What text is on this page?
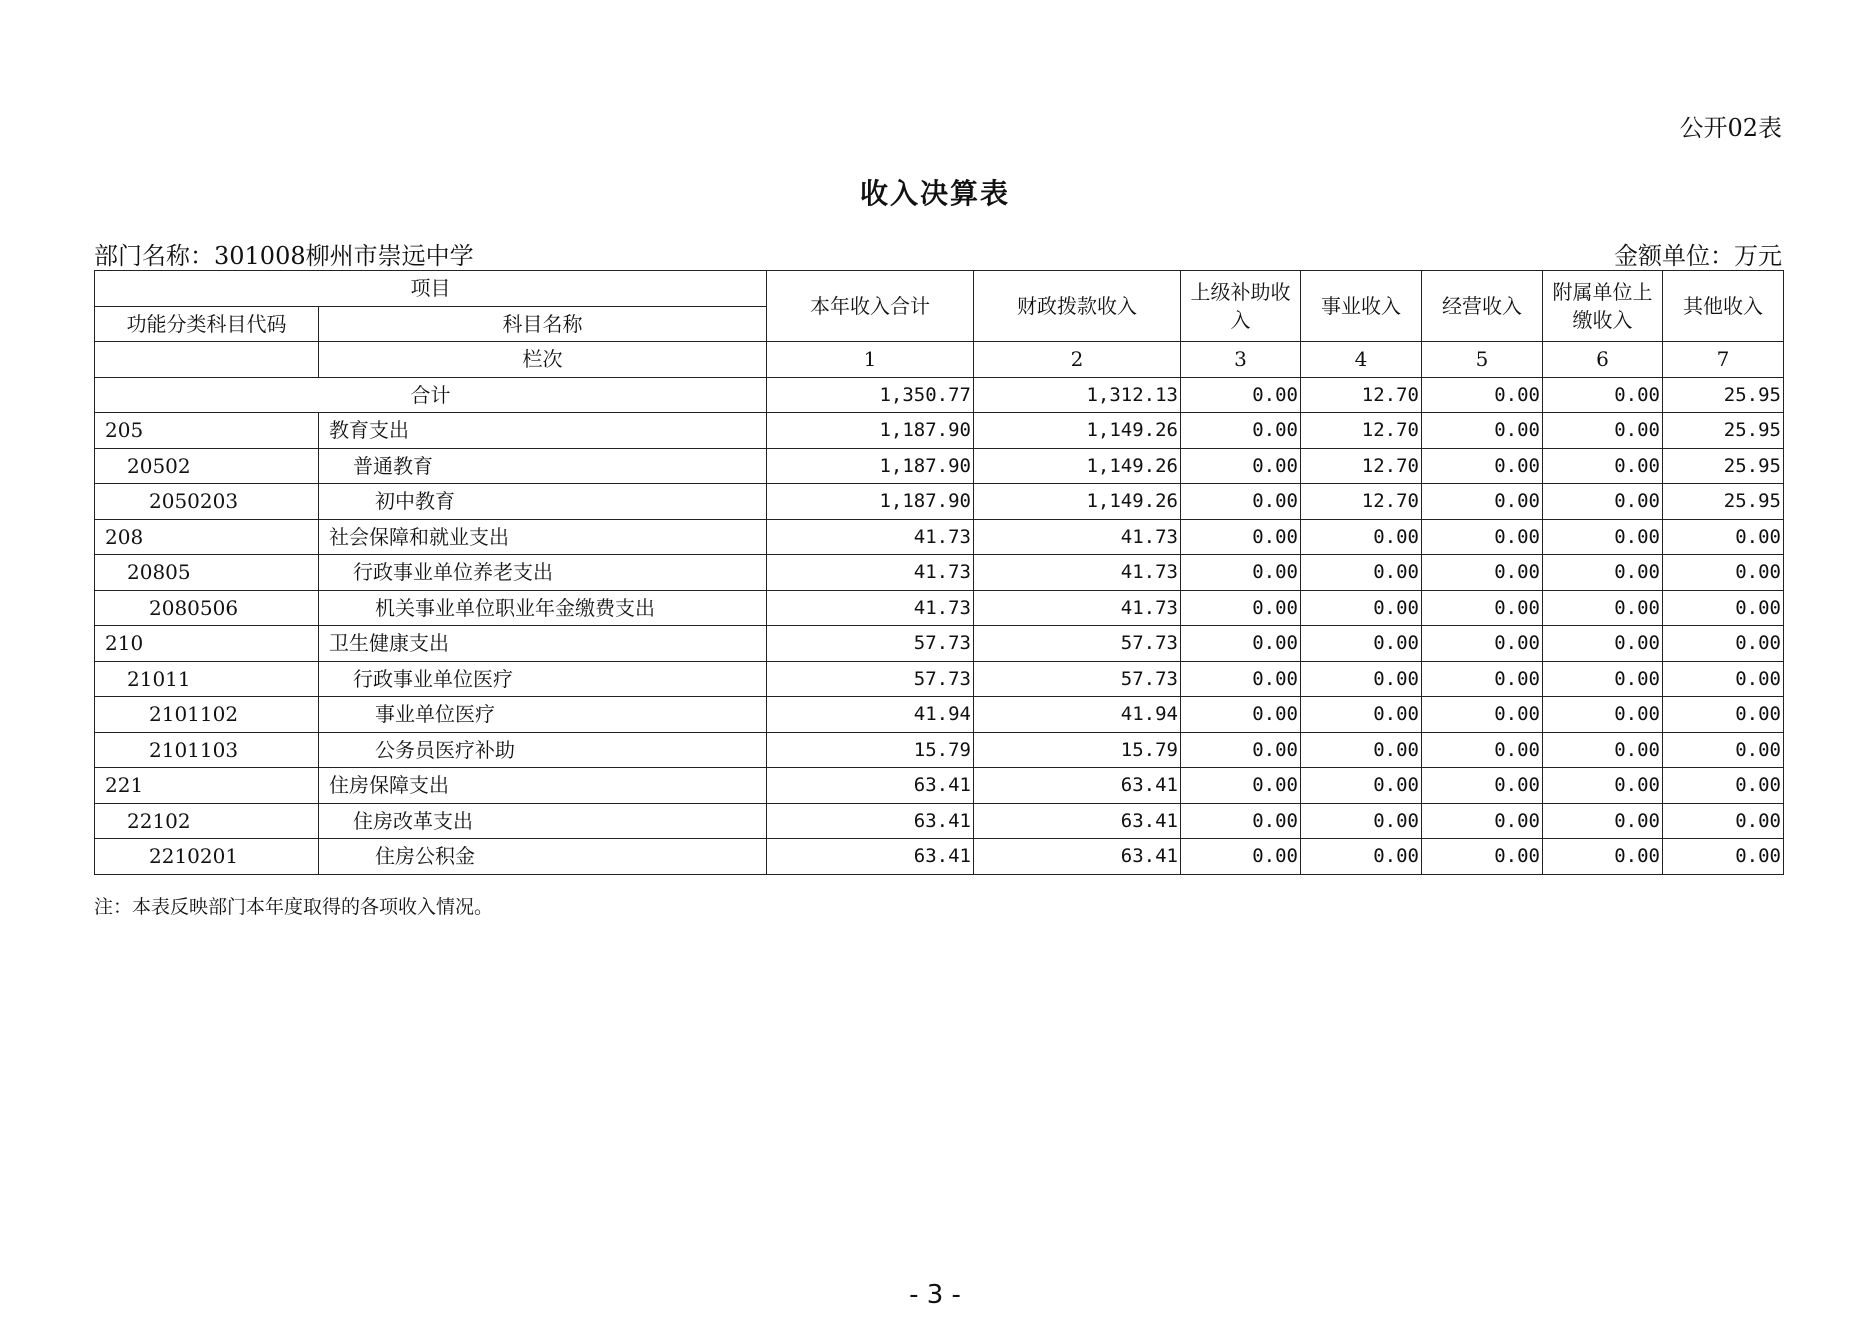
公开02表
收入决算表
部门名称：301008柳州市崇远中学	金额单位：万元
项目		本年收入合计	财政拨款收入	上级补助收入	事业收入	经营收入	附属单位上缴收入	其他收入
功能分类科目代码	科目名称							
	栏次	1	2	3	4	5	6	7
合计		1,350.77	1,312.13	0.00	12.70	0.00	0.00	25.95
205	教育支出	1,187.90	1,149.26	0.00	12.70	0.00	0.00	25.95
20502	普通教育	1,187.90	1,149.26	0.00	12.70	0.00	0.00	25.95
2050203	初中教育	1,187.90	1,149.26	0.00	12.70	0.00	0.00	25.95
208	社会保障和就业支出	41.73	41.73	0.00	0.00	0.00	0.00	0.00
20805	行政事业单位养老支出	41.73	41.73	0.00	0.00	0.00	0.00	0.00
2080506	机关事业单位职业年金缴费支出	41.73	41.73	0.00	0.00	0.00	0.00	0.00
210	卫生健康支出	57.73	57.73	0.00	0.00	0.00	0.00	0.00
21011	行政事业单位医疗	57.73	57.73	0.00	0.00	0.00	0.00	0.00
2101102	事业单位医疗	41.94	41.94	0.00	0.00	0.00	0.00	0.00
2101103	公务员医疗补助	15.79	15.79	0.00	0.00	0.00	0.00	0.00
221	住房保障支出	63.41	63.41	0.00	0.00	0.00	0.00	0.00
22102	住房改革支出	63.41	63.41	0.00	0.00	0.00	0.00	0.00
2210201	住房公积金	63.41	63.41	0.00	0.00	0.00	0.00	0.00
注：本表反映部门本年度取得的各项收入情况。
- 3 -
